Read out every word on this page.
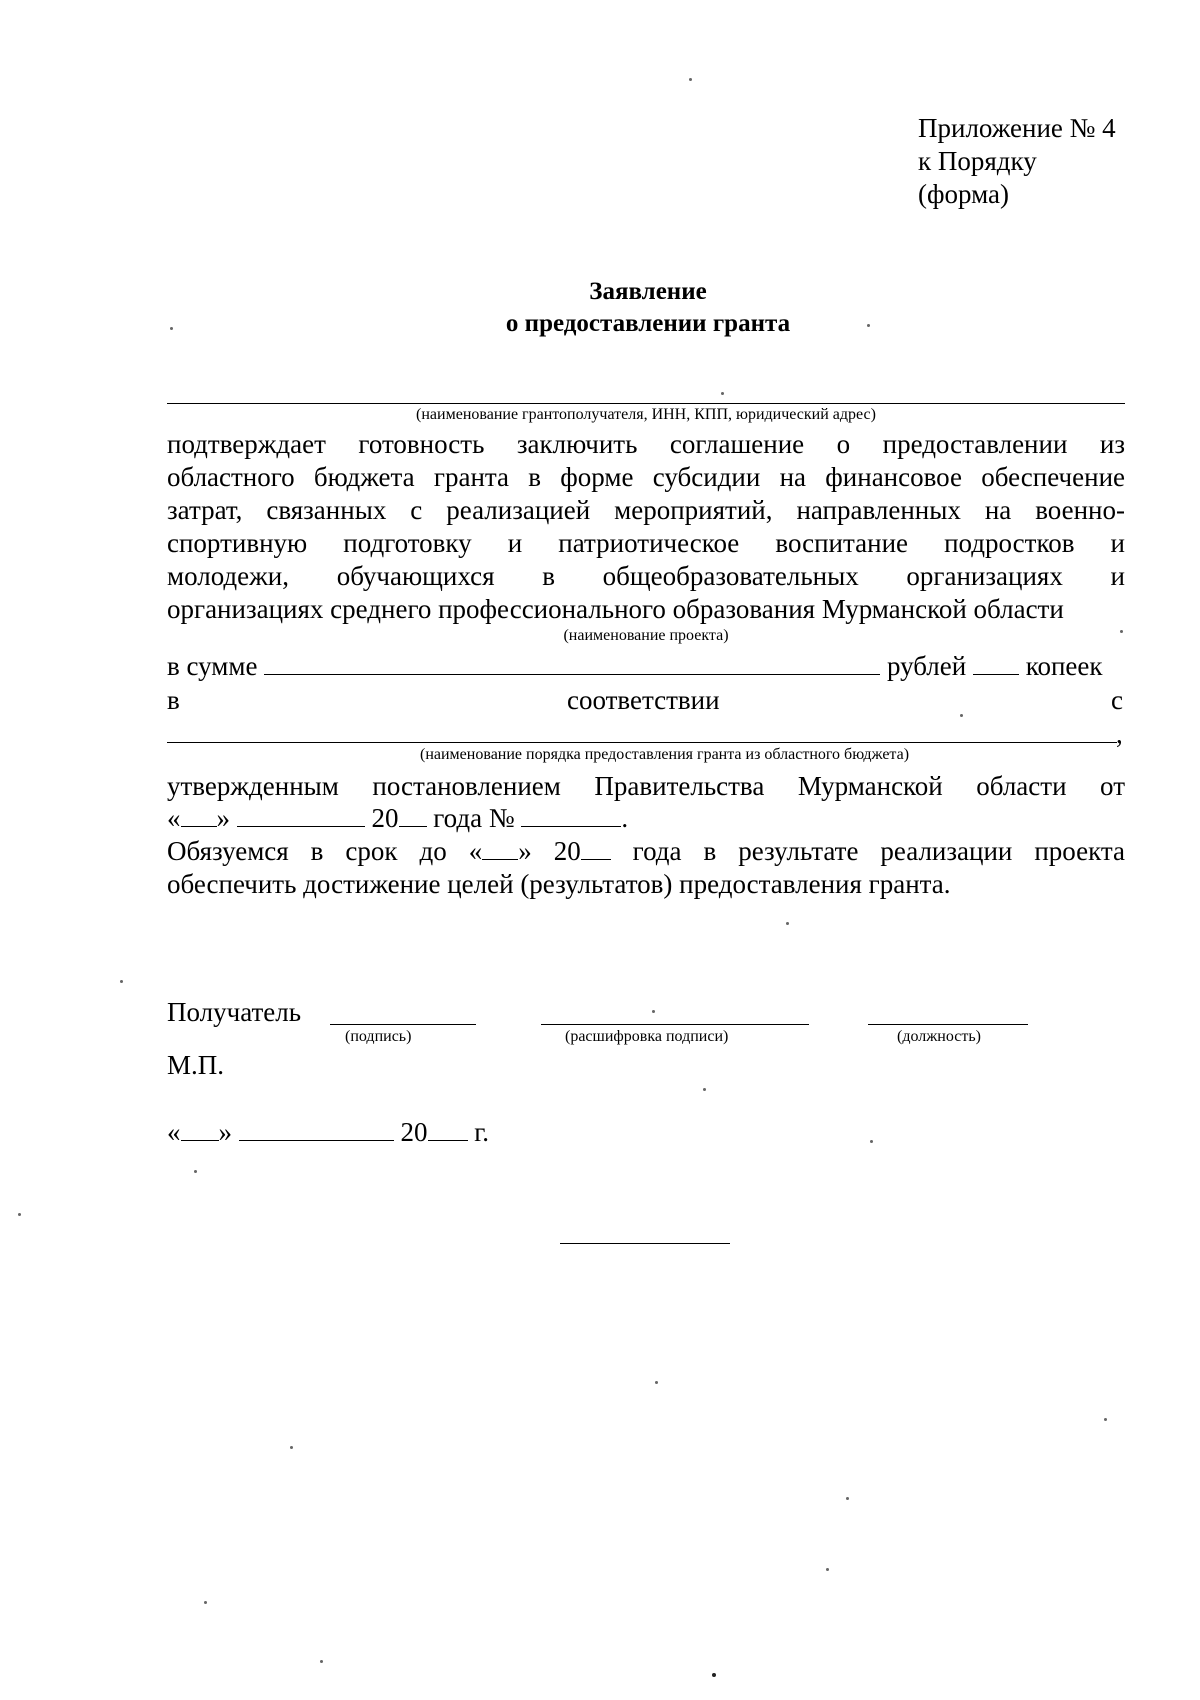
Приложение № 4
к Порядку
(форма)
Заявление
о предоставлении гранта
(наименование грантополучателя, ИНН, КПП, юридический адрес)
подтверждает готовность заключить соглашение о предоставлении из
областного бюджета гранта в форме субсидии на финансовое обеспечение
затрат, связанных с реализацией мероприятий, направленных на военно-
спортивную подготовку и патриотическое воспитание подростков и
молодежи, обучающихся в общеобразовательных организациях и
организациях среднего профессионального образования Мурманской области
(наименование проекта)
в сумме	рублей копеек
в	соответствии	с
,
(наименование порядка предоставления гранта из областного бюджета)
утвержденным постановлением Правительства Мурманской области от
« »	20 года №	.
Обязуемся в срок до « » 20 года в результате реализации проекта
обеспечить достижение целей (результатов) предоставления гранта.
Получатель
(подпись)	(расшифровка подписи)	(должность)
М.П.
« »	20 г.
